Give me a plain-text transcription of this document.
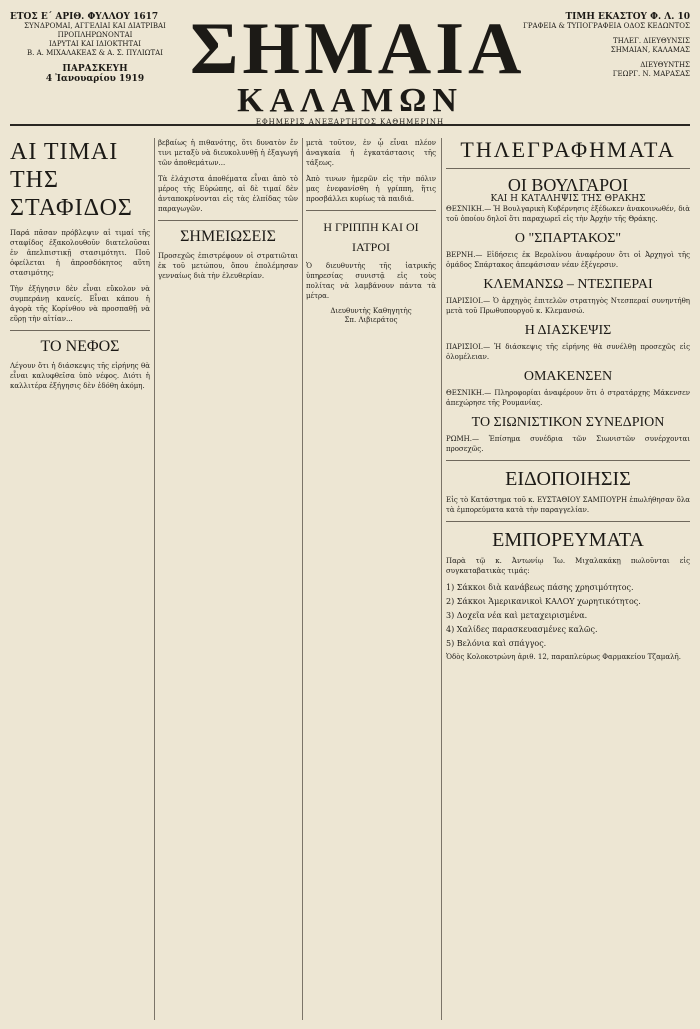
ΕΤΟΣ Ε΄ ΑΡΙΘ. ΦΥΛΛΟΥ 1617
ΣΥΝΔΡΟΜΑΙ, ΑΓΓΕΛΙΑΙ ΚΑΙ ΔΙΑΤΡΙΒΑΙ
ΠΡΟΠΛΗΡΩΝΟΝΤΑΙ
ΙΔΡΥΤΑΙ ΚΑΙ ΙΔΙΟΚΤΗΤΑΙ
Β. Α. ΜΙΧΑΛΑΚΕΑΣ & Α. Σ. ΠΥΛΙΩΤΑΙ
ΠΑΡΑΣΚΕΥΗ
4 Ἰανουαρίου 1919 ΣΗΜΑΙΑ
ΚΑΛΑΜΩΝ
ΕΦΗΜΕΡΙΣ ΑΝΕΞΑΡΤΗΤΟΣ ΚΑΘΗΜΕΡΙΝΗ
ΤΙΜΗ ΕΚΑΣΤΟΥ Φ. Λ. 10
ΓΡΑΦΕΙΑ & ΤΥΠΟΓΡΑΦΕΙΑ ΟΔΟΣ ΚΕΔΩΝΤΟΣ
ΤΗΛΕΓ. ΔΙΕΥΘΥΝΣΙΣ
ΣΗΜΑΙΑΝ, ΚΑΛΑΜΑΣ
ΔΙΕΥΘΥΝΤΗΣ
ΓΕΩΡΓ. Ν. ΜΑΡΑΣΑΣ
ΑΙ ΤΙΜΑΙ ΤΗΣ ΣΤΑΦΙΔΟΣ

Παρά πᾶσαν πρόβλεψιν αἱ τιμαί τῆς σταφίδος ἐξακολουθοῦν διατελοῦσαι ἐν ἀπελπιστικῇ στασιμότητι. Ποῦ ὀφείλεται ἡ ἀπροσδόκητος αὕτη στασιμότης;

Τὴν ἐξήγησιν δὲν εἶναι εὔκολον νὰ συμπεράνῃ κανείς. Εἶναι κάπου ἡ ἀγορὰ τῆς Κορίνθου νὰ προσπαθῇ νὰ εὕρῃ τὴν αἰτίαν...

ΤΟ ΝΕΦΟΣ

Λέγουν ὅτι ἡ διάσκεψις τῆς εἰρήνης θὰ εἶναι καλυφθεῖσα ὑπὸ νέφος. Διότι ἡ καλλιτέρα ἐξήγησις δὲν ἐδόθη ἀκόμη.

βεβαίως ἡ πιθανότης, ὅτι δυνατὸν ἔν τινι μεταξὺ νὰ διευκολυνθῇ ἡ ἐξαγωγή τῶν ἀποθεμάτων...

Τὰ ἐλάχιστα ἀποθέματα εἶναι ἀπὸ τὸ μέρος τῆς Εὐρώπης, αἱ δὲ τιμαί δὲν ἀνταποκρίνονται εἰς τὰς ἐλπίδας τῶν παραγωγῶν.

ΣΗΜΕΙΩΣΕΙΣ

Προσεχῶς ἐπιστρέφουν οἱ στρατιῶται ἐκ τοῦ μετώπου, ὅπου ἐπολέμησαν γενναίως διὰ τὴν ἐλευθερίαν.

μετὰ τοῦτον, ἐν ᾧ εἶναι πλέον ἀναγκαία ἡ ἐγκατάστασις τῆς τάξεως.

Ἀπὸ τινων ἡμερῶν εἰς τὴν πόλιν μας ἐνεφανίσθη ἡ γρίππη, ἥτις προσβάλλει κυρίως τὰ παιδιά.

Η ΓΡΙΠΠΗ ΚΑΙ ΟΙ ΙΑΤΡΟΙ

Ὁ διευθυντὴς τῆς ἰατρικῆς ὑπηρεσίας συνιστᾷ εἰς τοὺς πολίτας νὰ λαμβάνουν πάντα τὰ μέτρα.

Διευθυντὴς Καθηγητὴς
Σπ. Λιβιεράτος
ΤΗΛΕΓΡΑΦΗΜΑΤΑ
ΟΙ ΒΟΥΛΓΑΡΟΙ
ΚΑΙ Η ΚΑΤΑΛΗΨΙΣ ΤΗΣ ΘΡΑΚΗΣ

ΘΕΣΝΙΚΗ.— Ἡ Βουλγαρικὴ Κυβέρνησις ἐξέδωκεν ἀνακοινωθέν, διὰ τοῦ ὁποίου δηλοῖ ὅτι παραχωρεῖ εἰς τὴν Ἀρχὴν τῆς Θράκης.

Ο "ΣΠΑΡΤΑΚΟΣ"

ΒΕΡΝΗ.— Εἰδήσεις ἐκ Βερολίνου ἀναφέρουν ὅτι οἱ Ἀρχηγοὶ τῆς ὁμάδος Σπάρτακος ἀπεφάσισαν νέαν ἐξέγερσιν.

ΚΛΕΜΑΝΣΩ – ΝΤΕΣΠΕΡΑΙ

ΠΑΡΙΣΙΟΙ.— Ὁ ἀρχηγὸς ἐπιτελῶν στρατηγὸς Ντεσπεραί συνηντήθη μετὰ τοῦ Πρωθυπουργοῦ κ. Κλεμανσώ.

Η ΔΙΑΣΚΕΨΙΣ

ΠΑΡΙΣΙΟΙ.— Ἡ διάσκεψις τῆς εἰρήνης θὰ συνέλθῃ προσεχῶς εἰς ὁλομέλειαν.

ΟΜΑΚΕΝΣΕΝ

ΘΕΣΝΙΚΗ.— Πληροφορίαι ἀναφέρουν ὅτι ὁ στρατάρχης Μάκενσεν ἀπεχώρησε τῆς Ρουμανίας.

ΤΟ ΣΙΩΝΙΣΤΙΚΟΝ ΣΥΝΕΔΡΙΟΝ

ΡΩΜΗ.— Ἐπίσημα συνέδρια τῶν Σιωνιστῶν συνέρχονται προσεχῶς.

ΕΙΔΟΠΟΙΗΣΙΣ

Εἰς τὸ Κατάστημα τοῦ κ. ΕΥΣΤΑΘΙΟΥ ΣΑΜΠΟΥΡΗ ἐπωλήθησαν ὅλα τὰ ἐμπορεύματα κατὰ τὴν παραγγελίαν.

ΕΜΠΟΡΕΥΜΑΤΑ

Παρὰ τῷ κ. Ἀντωνίῳ Ἰω. Μιχαλακάκῃ πωλοῦνται εἰς συγκαταβατικὰς τιμάς:

1) Σάκκοι διὰ κανάβεως πάσης χρησιμότητος.
2) Σάκκοι Ἀμερικανικοὶ ΚΑΛΟΥ χωρητικότητος.
3) Δοχεῖα νέα καὶ μεταχειρισμένα.
4) Χαλίδες παρασκευασμένες καλῶς.
5) Βελόνια καὶ σπάγγος.

Ὁδὸς Κολοκοτρώνη ἀριθ. 12, παραπλεύρως Φαρμακείου Τζαμαλῆ.
